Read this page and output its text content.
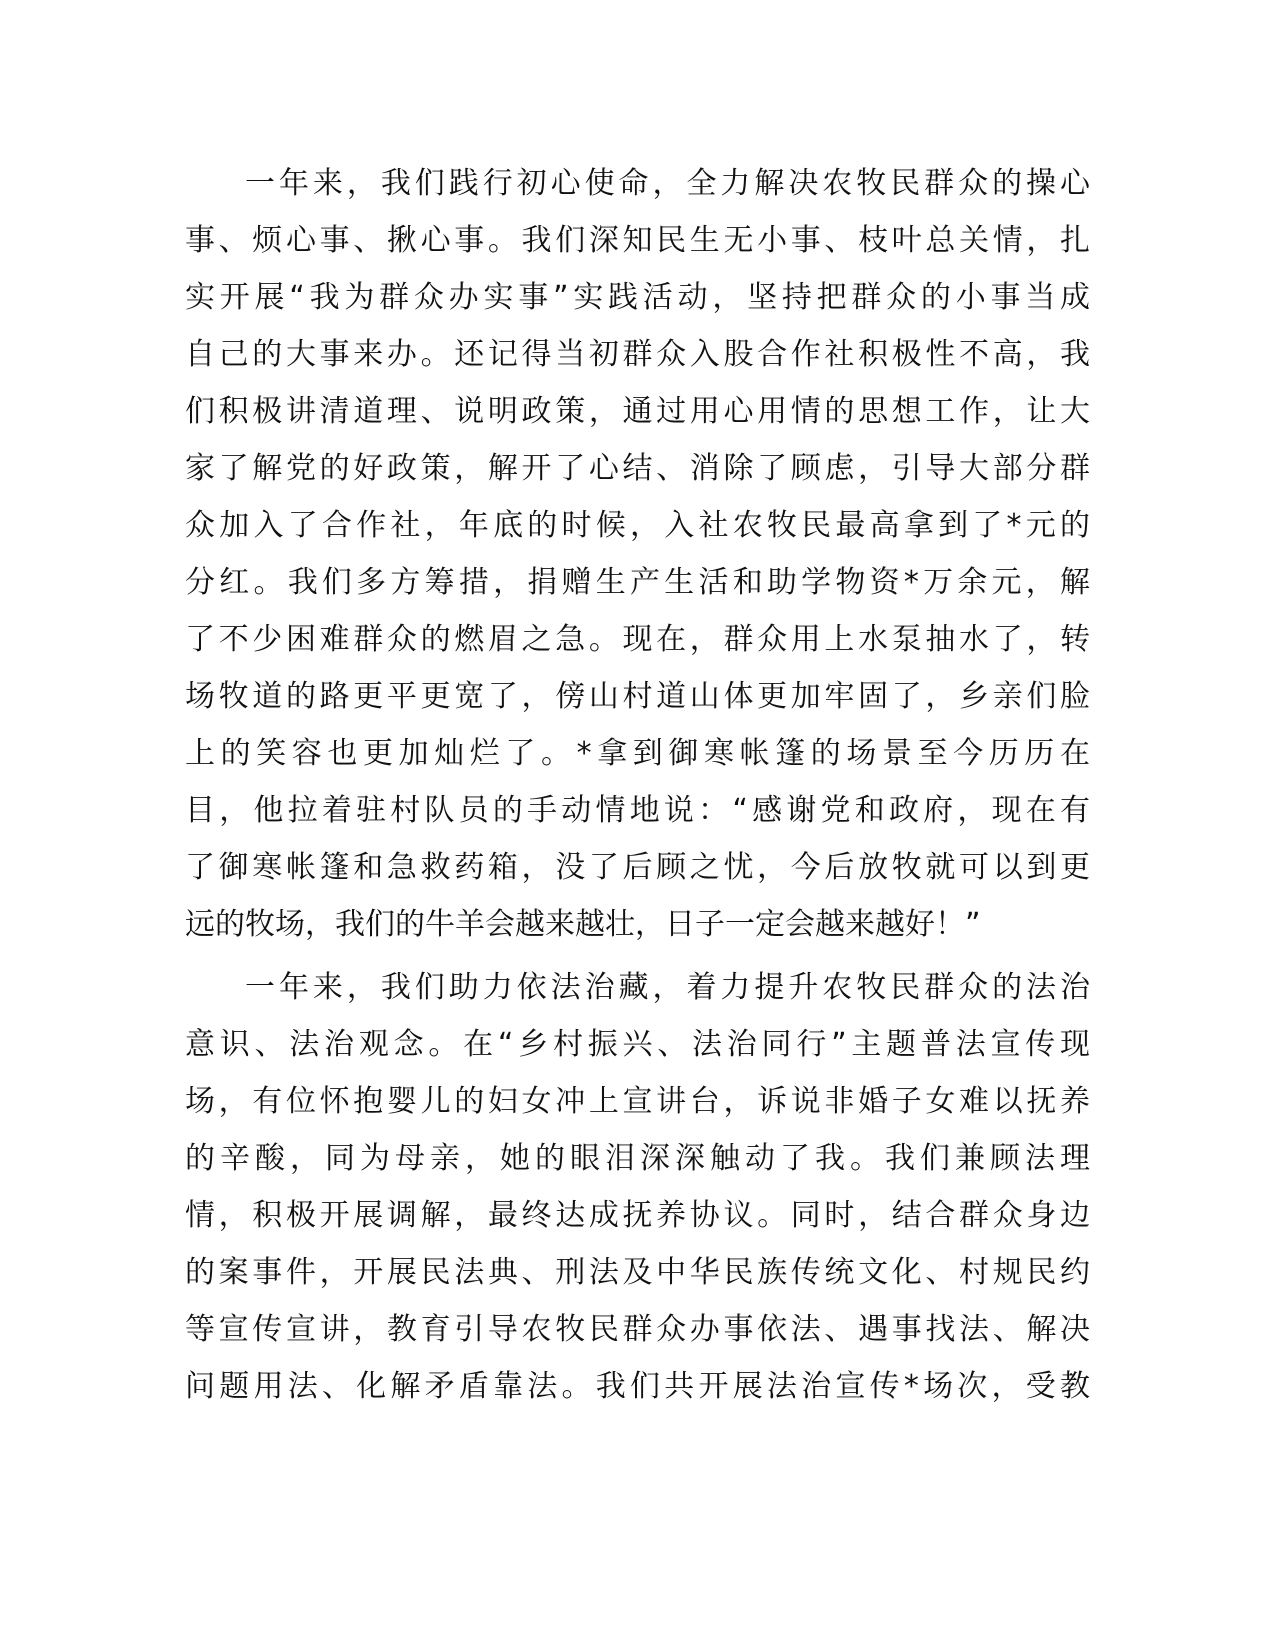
一年来，我们践行初心使命，全力解决农牧民群众的操心
事、烦心事、揪心事。我们深知民生无小事、枝叶总关情，扎
实开展“我为群众办实事”实践活动，坚持把群众的小事当成
自己的大事来办。还记得当初群众入股合作社积极性不高，我
们积极讲清道理、说明政策，通过用心用情的思想工作，让大
家了解党的好政策，解开了心结、消除了顾虑，引导大部分群
众加入了合作社，年底的时候，入社农牧民最高拿到了*元的
分红。我们多方筹措，捐赠生产生活和助学物资*万余元，解
了不少困难群众的燃眉之急。现在，群众用上水泵抽水了，转
场牧道的路更平更宽了，傍山村道山体更加牢固了，乡亲们脸
上的笑容也更加灿烂了。*拿到御寒帐篷的场景至今历历在
目，他拉着驻村队员的手动情地说：“感谢党和政府，现在有
了御寒帐篷和急救药箱，没了后顾之忧，今后放牧就可以到更
远的牧场，我们的牛羊会越来越壮，日子一定会越来越好！”

一年来，我们助力依法治藏，着力提升农牧民群众的法治
意识、法治观念。在“乡村振兴、法治同行”主题普法宣传现
场，有位怀抱婴儿的妇女冲上宣讲台，诉说非婚子女难以抚养
的辛酸，同为母亲，她的眼泪深深触动了我。我们兼顾法理
情，积极开展调解，最终达成抚养协议。同时，结合群众身边
的案事件，开展民法典、刑法及中华民族传统文化、村规民约
等宣传宣讲，教育引导农牧民群众办事依法、遇事找法、解决
问题用法、化解矛盾靠法。我们共开展法治宣传*场次，受教
